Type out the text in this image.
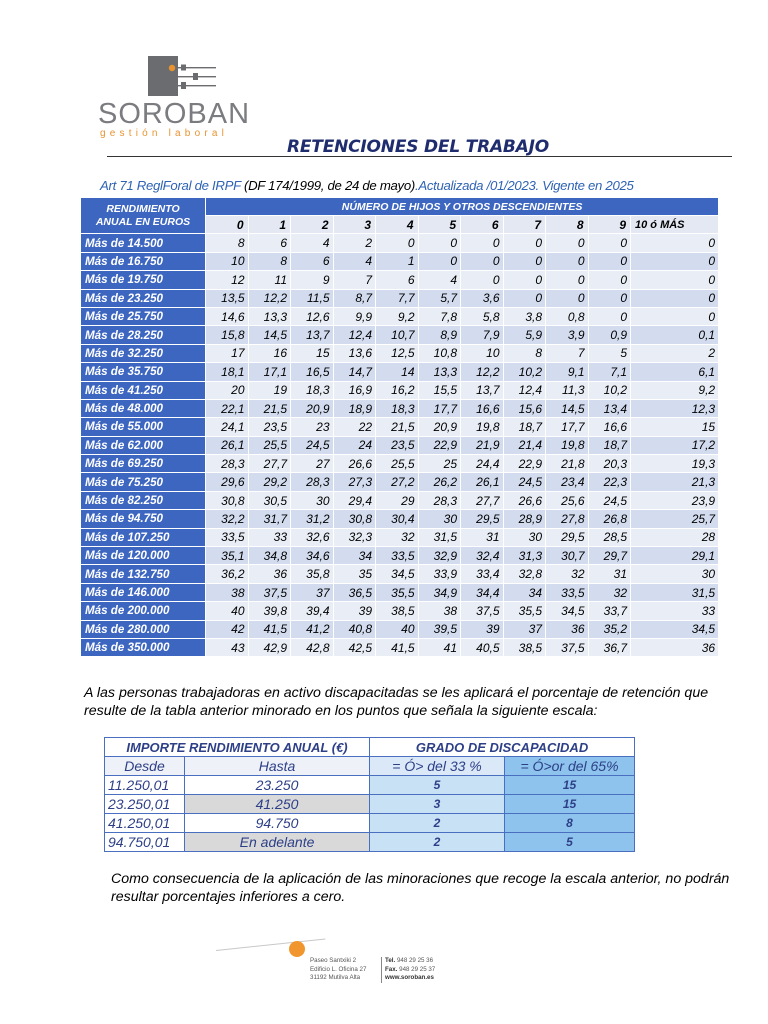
SOROBAN
gestión laboral
RETENCIONES DEL TRABAJO
Art 71 ReglForal de IRPF (DF 174/1999, de 24 de mayo).Actualizada /01/2023. Vigente en 2025
RENDIMIENTO ANUAL EN EUROS	NÚMERO DE HIJOS Y OTROS DESCENDIENTES										
	0	1	2	3	4	5	6	7	8	9	10 ó MÁS
Más de 14.500	8	6	4	2	0	0	0	0	0	0	0
Más de 16.750	10	8	6	4	1	0	0	0	0	0	0
Más de 19.750	12	11	9	7	6	4	0	0	0	0	0
Más de 23.250	13,5	12,2	11,5	8,7	7,7	5,7	3,6	0	0	0	0
Más de 25.750	14,6	13,3	12,6	9,9	9,2	7,8	5,8	3,8	0,8	0	0
Más de 28.250	15,8	14,5	13,7	12,4	10,7	8,9	7,9	5,9	3,9	0,9	0,1
Más de 32.250	17	16	15	13,6	12,5	10,8	10	8	7	5	2
Más de 35.750	18,1	17,1	16,5	14,7	14	13,3	12,2	10,2	9,1	7,1	6,1
Más de 41.250	20	19	18,3	16,9	16,2	15,5	13,7	12,4	11,3	10,2	9,2
Más de 48.000	22,1	21,5	20,9	18,9	18,3	17,7	16,6	15,6	14,5	13,4	12,3
Más de 55.000	24,1	23,5	23	22	21,5	20,9	19,8	18,7	17,7	16,6	15
Más de 62.000	26,1	25,5	24,5	24	23,5	22,9	21,9	21,4	19,8	18,7	17,2
Más de 69.250	28,3	27,7	27	26,6	25,5	25	24,4	22,9	21,8	20,3	19,3
Más de 75.250	29,6	29,2	28,3	27,3	27,2	26,2	26,1	24,5	23,4	22,3	21,3
Más de 82.250	30,8	30,5	30	29,4	29	28,3	27,7	26,6	25,6	24,5	23,9
Más de 94.750	32,2	31,7	31,2	30,8	30,4	30	29,5	28,9	27,8	26,8	25,7
Más de 107.250	33,5	33	32,6	32,3	32	31,5	31	30	29,5	28,5	28
Más de 120.000	35,1	34,8	34,6	34	33,5	32,9	32,4	31,3	30,7	29,7	29,1
Más de 132.750	36,2	36	35,8	35	34,5	33,9	33,4	32,8	32	31	30
Más de 146.000	38	37,5	37	36,5	35,5	34,9	34,4	34	33,5	32	31,5
Más de 200.000	40	39,8	39,4	39	38,5	38	37,5	35,5	34,5	33,7	33
Más de 280.000	42	41,5	41,2	40,8	40	39,5	39	37	36	35,2	34,5
Más de 350.000	43	42,9	42,8	42,5	41,5	41	40,5	38,5	37,5	36,7	36
A las personas trabajadoras en activo discapacitadas se les aplicará el porcentaje de retención que resulte de la tabla anterior minorado en los puntos que señala la siguiente escala:
IMPORTE RENDIMIENTO ANUAL (€)		GRADO DE DISCAPACIDAD	
Desde	Hasta	= Ó> del 33 %	= Ó>or del 65%
11.250,01	23.250	5	15
23.250,01	41.250	3	15
41.250,01	94.750	2	8
94.750,01	En adelante	2	5
Como consecuencia de la aplicación de las minoraciones que recoge la escala anterior, no podrán resultar porcentajes inferiores a cero.
Paseo Santxiki 2
Edificio L. Oficina 27
31192 Mutilva Alta
Tel. 948 29 25 36
Fax. 948 29 25 37
www.soroban.es
